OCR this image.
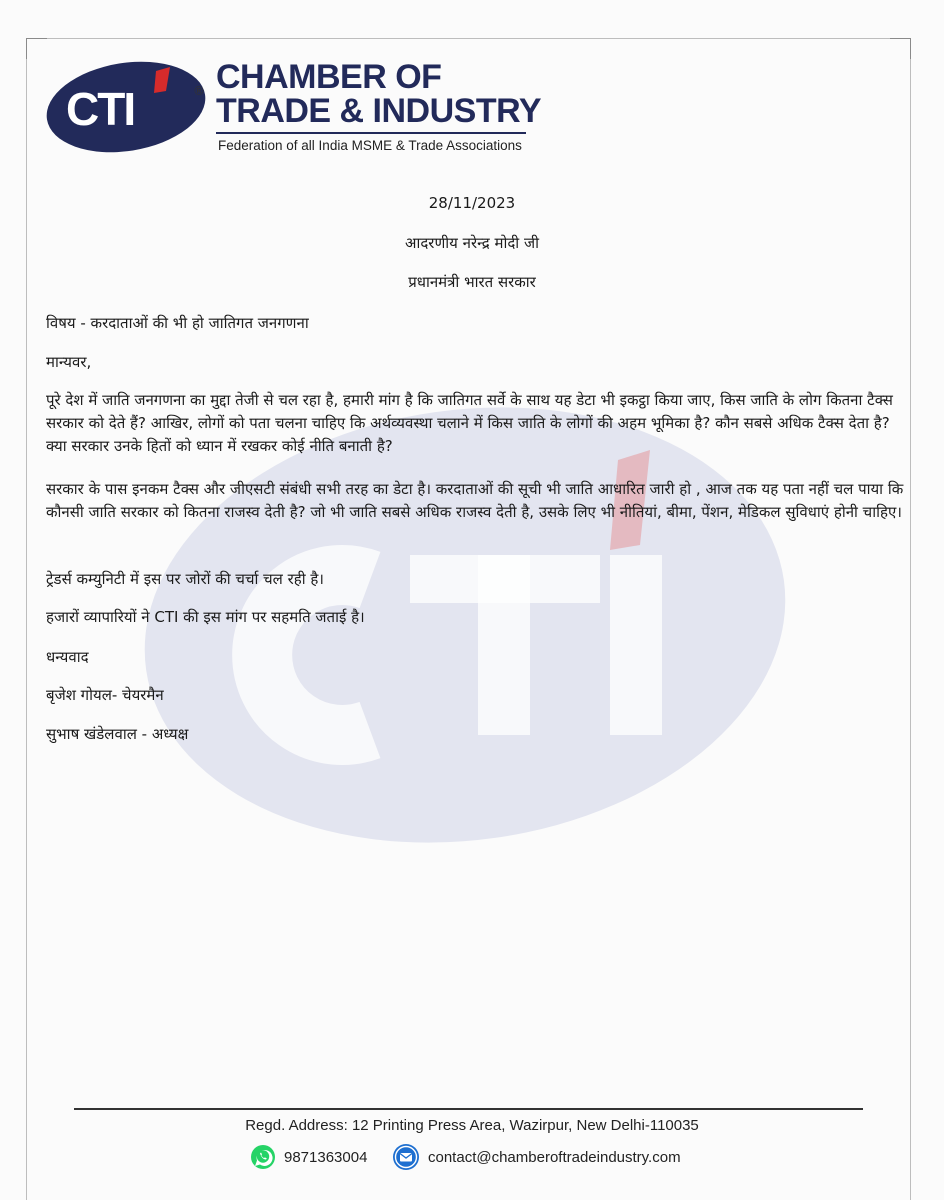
CTI	® CHAMBER OF
TRADE & INDUSTRY
Federation of all India MSME & Trade Associations
28/11/2023
आदरणीय नरेन्द्र मोदी जी
प्रधानमंत्री भारत सरकार
विषय - करदाताओं की भी हो जातिगत जनगणना
मान्यवर,
पूरे देश में जाति जनगणना का मुद्दा तेजी से चल रहा है, हमारी मांग है कि जातिगत सर्वे के साथ यह डेटा भी इकट्ठा किया जाए, किस जाति के लोग कितना टैक्स सरकार को देते हैं? आखिर, लोगों को पता चलना चाहिए कि अर्थव्यवस्था चलाने में किस जाति के लोगों की अहम भूमिका है? कौन सबसे अधिक टैक्स देता है? क्या सरकार उनके हितों को ध्यान में रखकर कोई नीति बनाती है?
सरकार के पास इनकम टैक्स और जीएसटी संबंधी सभी तरह का डेटा है। करदाताओं की सूची भी जाति आधारित जारी हो , आज तक यह पता नहीं चल पाया कि कौनसी जाति सरकार को कितना राजस्व देती है? जो भी जाति सबसे अधिक राजस्व देती है, उसके लिए भी नीतियां, बीमा, पेंशन, मेडिकल सुविधाएं होनी चाहिए।
ट्रेडर्स कम्युनिटी में इस पर जोरों की चर्चा चल रही है।
हजारों व्यापारियों ने CTI की इस मांग पर सहमति जताई है।
धन्यवाद
बृजेश गोयल- चेयरमैन
सुभाष खंडेलवाल - अध्यक्ष
Regd. Address: 12 Printing Press Area, Wazirpur, New Delhi-110035
9871363004	contact@chamberoftradeindustry.com
